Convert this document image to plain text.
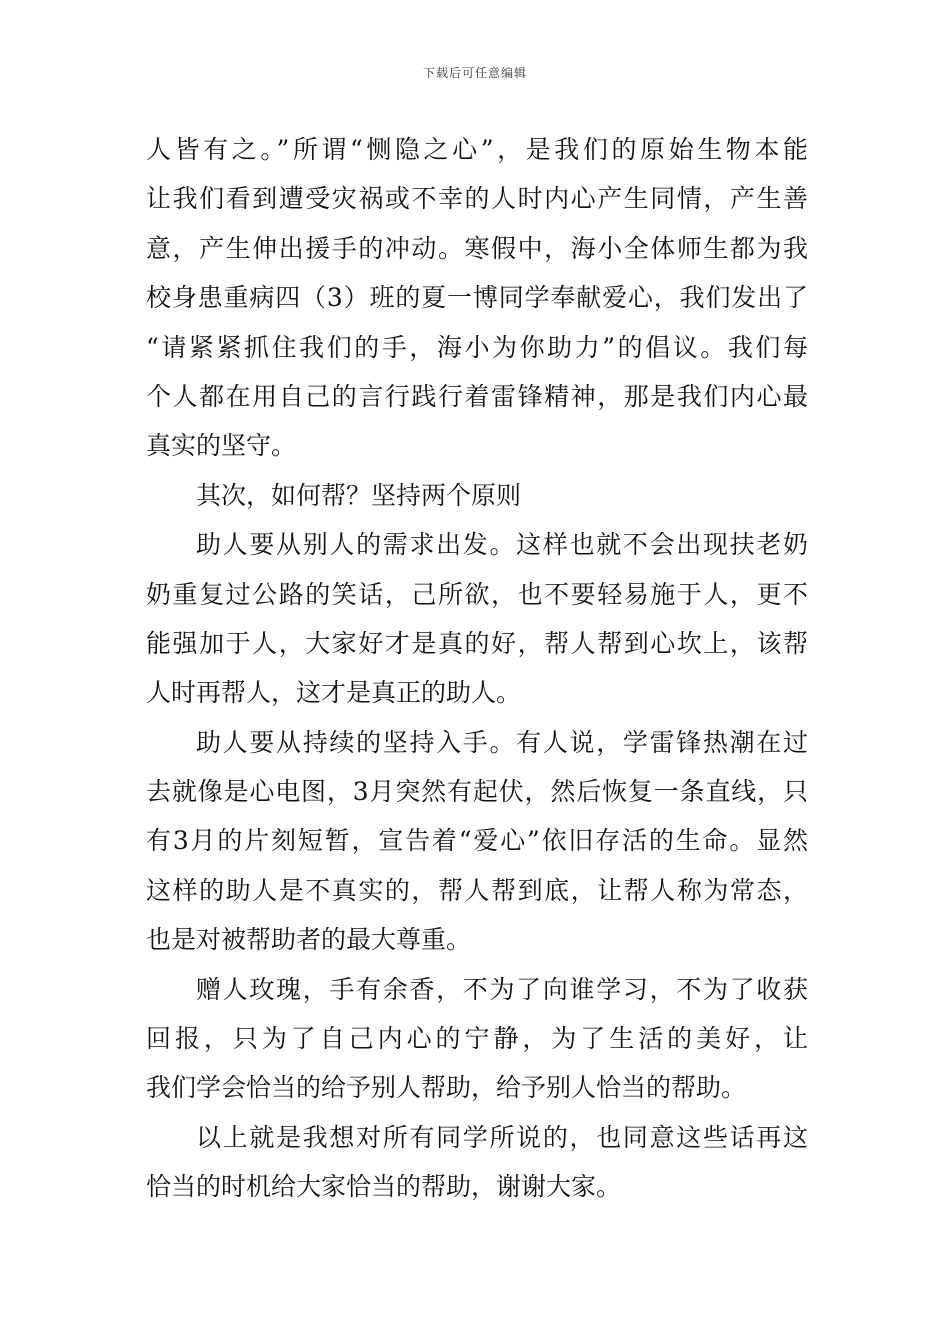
下载后可任意编辑
人皆有之。”所谓“恻隐之心”，是我们的原始生物本能
让我们看到遭受灾祸或不幸的人时内心产生同情，产生善
意，产生伸出援手的冲动。寒假中，海小全体师生都为我
校身患重病四（3）班的夏一博同学奉献爱心，我们发出了
“请紧紧抓住我们的手，海小为你助力”的倡议。我们每
个人都在用自己的言行践行着雷锋精神，那是我们内心最
真实的坚守。
其次，如何帮？坚持两个原则
助人要从别人的需求出发。这样也就不会出现扶老奶
奶重复过公路的笑话，己所欲，也不要轻易施于人，更不
能强加于人，大家好才是真的好，帮人帮到心坎上，该帮
人时再帮人，这才是真正的助人。
助人要从持续的坚持入手。有人说，学雷锋热潮在过
去就像是心电图，3月突然有起伏，然后恢复一条直线，只
有3月的片刻短暂，宣告着“爱心”依旧存活的生命。显然
这样的助人是不真实的，帮人帮到底，让帮人称为常态，
也是对被帮助者的最大尊重。
赠人玫瑰，手有余香，不为了向谁学习，不为了收获
回报，只为了自己内心的宁静，为了生活的美好，让
我们学会恰当的给予别人帮助，给予别人恰当的帮助。
以上就是我想对所有同学所说的，也同意这些话再这
恰当的时机给大家恰当的帮助，谢谢大家。
